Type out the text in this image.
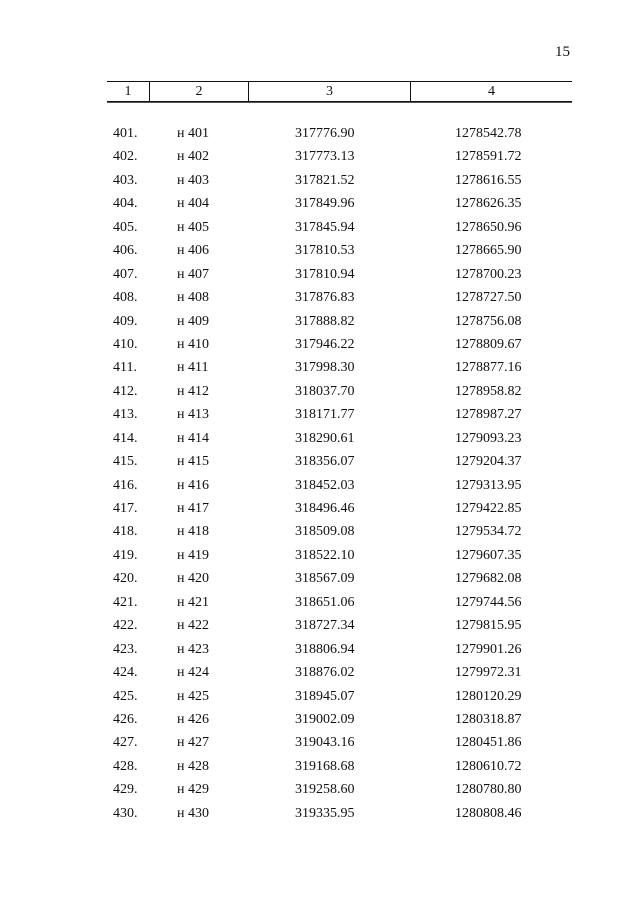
15
1	2	3	4
401.	н 401	317776.90	1278542.78
402.	н 402	317773.13	1278591.72
403.	н 403	317821.52	1278616.55
404.	н 404	317849.96	1278626.35
405.	н 405	317845.94	1278650.96
406.	н 406	317810.53	1278665.90
407.	н 407	317810.94	1278700.23
408.	н 408	317876.83	1278727.50
409.	н 409	317888.82	1278756.08
410.	н 410	317946.22	1278809.67
411.	н 411	317998.30	1278877.16
412.	н 412	318037.70	1278958.82
413.	н 413	318171.77	1278987.27
414.	н 414	318290.61	1279093.23
415.	н 415	318356.07	1279204.37
416.	н 416	318452.03	1279313.95
417.	н 417	318496.46	1279422.85
418.	н 418	318509.08	1279534.72
419.	н 419	318522.10	1279607.35
420.	н 420	318567.09	1279682.08
421.	н 421	318651.06	1279744.56
422.	н 422	318727.34	1279815.95
423.	н 423	318806.94	1279901.26
424.	н 424	318876.02	1279972.31
425.	н 425	318945.07	1280120.29
426.	н 426	319002.09	1280318.87
427.	н 427	319043.16	1280451.86
428.	н 428	319168.68	1280610.72
429.	н 429	319258.60	1280780.80
430.	н 430	319335.95	1280808.46
